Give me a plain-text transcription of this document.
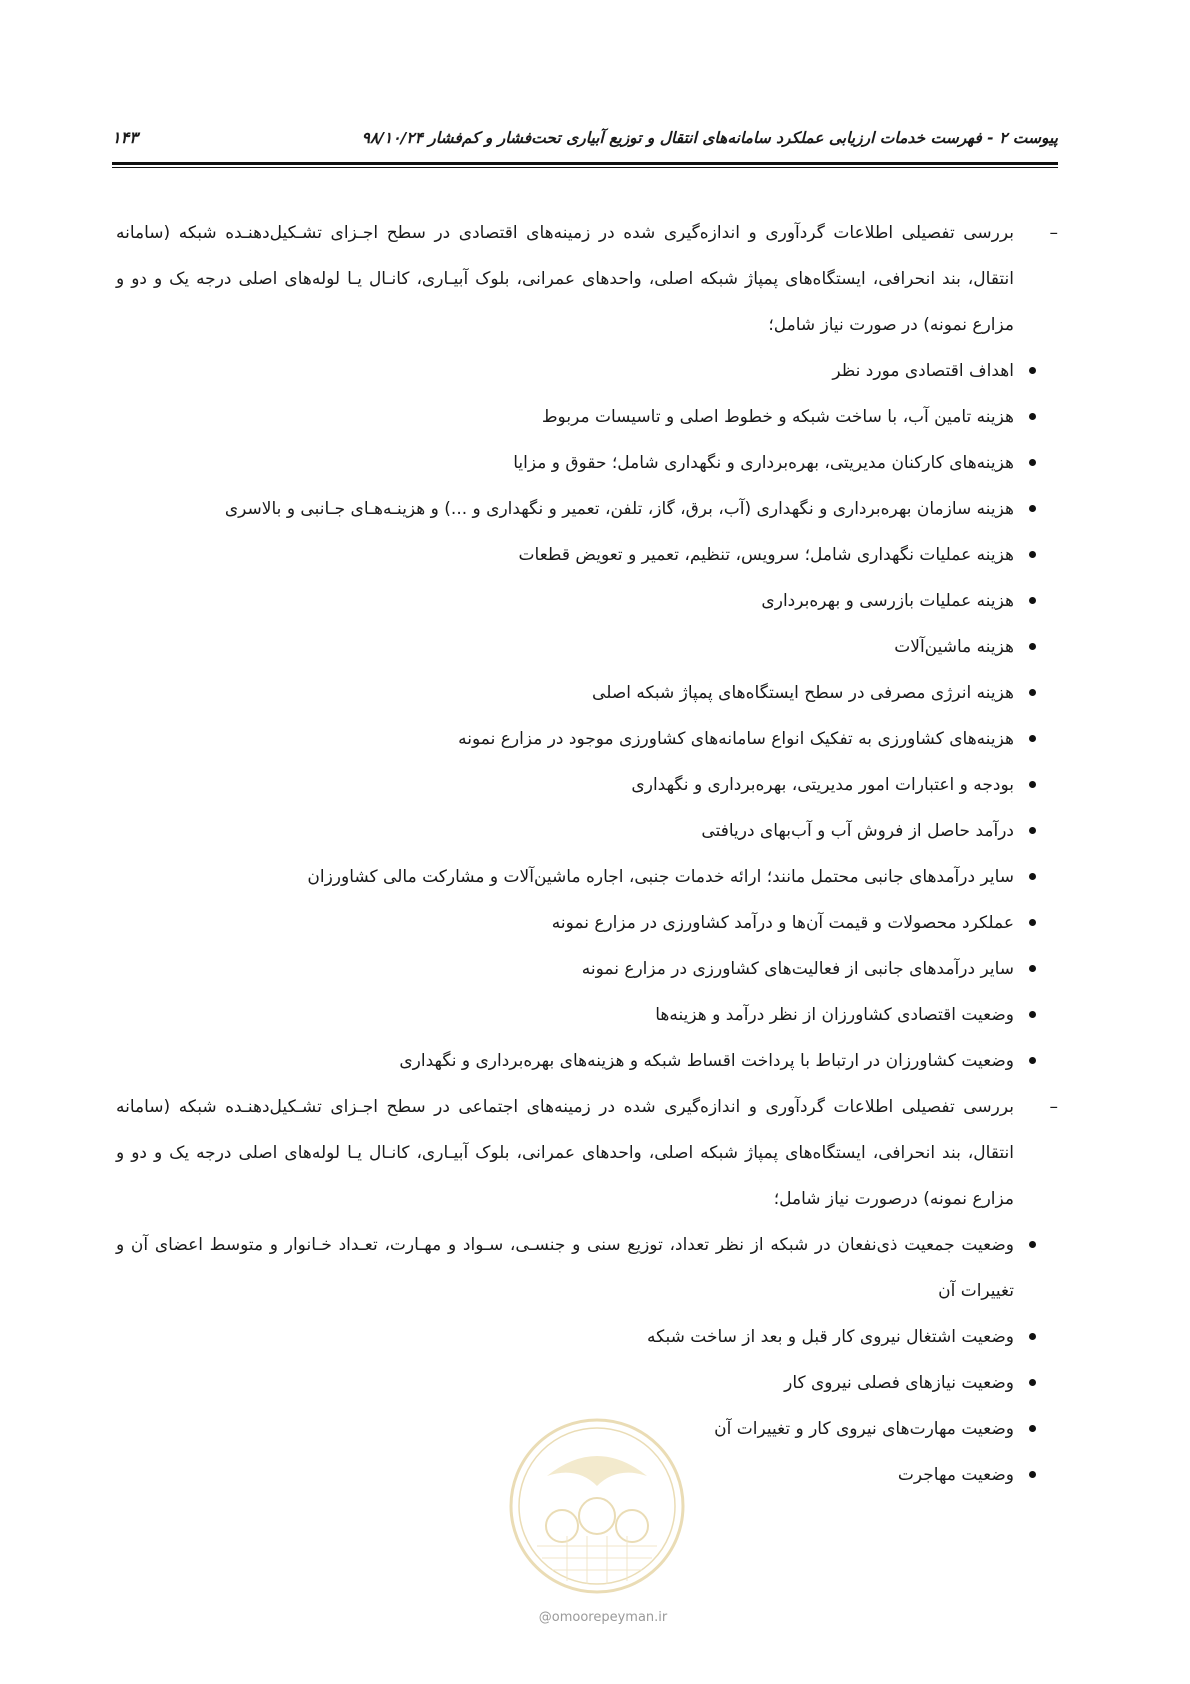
پیوست ۲ - فهرست خدمات ارزیابی عملکرد سامانه‌های انتقال و توزیع آبیاری تحت‌فشار و کم‌فشار ۹۸/۱۰/۲۴
۱۴۳
–

بررسی تفصیلی اطلاعات گردآوری و اندازه‌گیری شده در زمینه‌های اقتصادی در سطح اجـزای تشـکیل‌دهنـده شبکه (سامانه انتقال، بند انحرافی، ایستگاه‌های پمپاژ شبکه اصلی، واحدهای عمرانی، بلوک آبیـاری، کانـال یـا لوله‌های اصلی درجه یک و دو و مزارع نمونه) در صورت نیاز شامل؛

اهداف اقتصادی مورد نظر
هزینه تامین آب، با ساخت شبکه و خطوط اصلی و تاسیسات مربوط
هزینه‌های کارکنان مدیریتی، بهره‌برداری و نگهداری شامل؛ حقوق و مزایا
هزینه سازمان بهره‌برداری و نگهداری (آب، برق، گاز، تلفن، تعمیر و نگهداری و ...) و هزینـه‌هـای جـانبی و بالاسری
هزینه عملیات نگهداری شامل؛ سرویس، تنظیم، تعمیر و تعویض قطعات
هزینه عملیات بازرسی و بهره‌برداری
هزینه ماشین‌آلات
هزینه انرژی مصرفی در سطح ایستگاه‌های پمپاژ شبکه اصلی
هزینه‌های کشاورزی به تفکیک انواع سامانه‌های کشاورزی موجود در مزارع نمونه
بودجه و اعتبارات امور مدیریتی، بهره‌برداری و نگهداری
درآمد حاصل از فروش آب و آب‌بهای دریافتی
سایر درآمدهای جانبی محتمل مانند؛ ارائه خدمات جنبی، اجاره ماشین‌آلات و مشارکت مالی کشاورزان
عملکرد محصولات و قیمت آن‌ها و درآمد کشاورزی در مزارع نمونه
سایر درآمدهای جانبی از فعالیت‌های کشاورزی در مزارع نمونه
وضعیت اقتصادی کشاورزان از نظر درآمد و هزینه‌ها
وضعیت کشاورزان در ارتباط با پرداخت اقساط شبکه و هزینه‌های بهره‌برداری و نگهداری
–

بررسی تفصیلی اطلاعات گردآوری و اندازه‌گیری شده در زمینه‌های اجتماعی در سطح اجـزای تشـکیل‌دهنـده شبکه (سامانه انتقال، بند انحرافی، ایستگاه‌های پمپاژ شبکه اصلی، واحدهای عمرانی، بلوک آبیـاری، کانـال یـا لوله‌های اصلی درجه یک و دو و مزارع نمونه) درصورت نیاز شامل؛

وضعیت جمعیت ذی‌نفعان در شبکه از نظر تعداد، توزیع سنی و جنسـی، سـواد و مهـارت، تعـداد خـانوار و متوسط اعضای آن و تغییرات آن
وضعیت اشتغال نیروی کار قبل و بعد از ساخت شبکه
وضعیت نیازهای فصلی نیروی کار
وضعیت مهارت‌های نیروی کار و تغییرات آن
وضعیت مهاجرت
@omoorepeyman.ir
